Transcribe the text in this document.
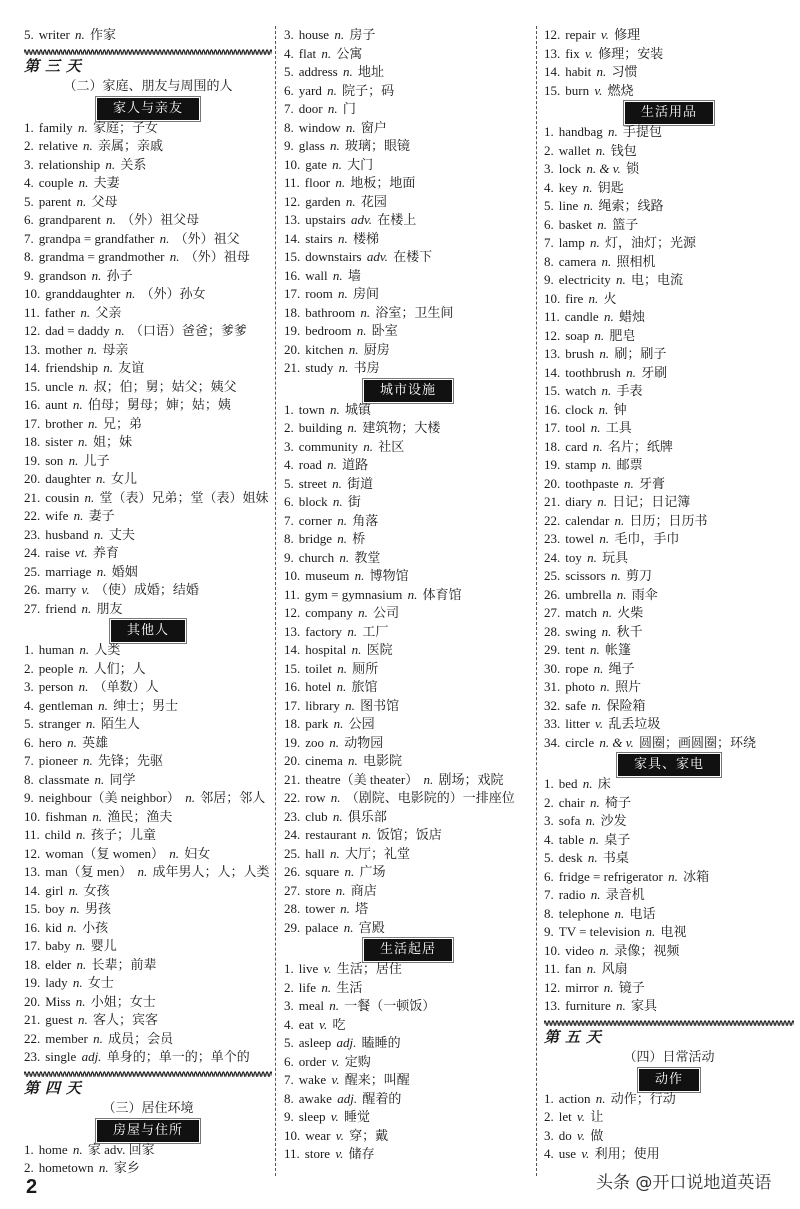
5. writer n. 作家
第三天
（二）家庭、朋友与周围的人
家人与亲友
1. family n. 家庭；子女
2. relative n. 亲属；亲戚
3. relationship n. 关系
4. couple n. 夫妻
5. parent n. 父母
6. grandparent n. （外）祖父母
7. grandpa = grandfather n. （外）祖父
8. grandma = grandmother n. （外）祖母
9. grandson n. 孙子
10. granddaughter n. （外）孙女
11. father n. 父亲
12. dad = daddy n. （口语）爸爸；爹爹
13. mother n. 母亲
14. friendship n. 友谊
15. uncle n. 叔；伯；舅；姑父；姨父
16. aunt n. 伯母；舅母；婶；姑；姨
17. brother n. 兄；弟
18. sister n. 姐；妹
19. son n. 儿子
20. daughter n. 女儿
21. cousin n. 堂（表）兄弟；堂（表）姐妹
22. wife n. 妻子
23. husband n. 丈夫
24. raise vt. 养育
25. marriage n. 婚姻
26. marry v. （使）成婚；结婚
27. friend n. 朋友
其他人
1. human n. 人类
2. people n. 人们；人
3. person n. （单数）人
4. gentleman n. 绅士；男士
5. stranger n. 陌生人
6. hero n. 英雄
7. pioneer n. 先锋；先驱
8. classmate n. 同学
9. neighbour（美 neighbor） n. 邻居；邻人
10. fishman n. 渔民；渔夫
11. child n. 孩子；儿童
12. woman（复 women） n. 妇女
13. man（复 men） n. 成年男人；人；人类
14. girl n. 女孩
15. boy n. 男孩
16. kid n. 小孩
17. baby n. 婴儿
18. elder n. 长辈；前辈
19. lady n. 女士
20. Miss n. 小姐；女士
21. guest n. 客人；宾客
22. member n. 成员；会员
23. single adj. 单身的；单一的；单个的
第四天
（三）居住环境
房屋与住所
1. home n. 家 adv. 回家
2. hometown n. 家乡
3. house n. 房子
4. flat n. 公寓
5. address n. 地址
6. yard n. 院子；码
7. door n. 门
8. window n. 窗户
9. glass n. 玻璃；眼镜
10. gate n. 大门
11. floor n. 地板；地面
12. garden n. 花园
13. upstairs adv. 在楼上
14. stairs n. 楼梯
15. downstairs adv. 在楼下
16. wall n. 墙
17. room n. 房间
18. bathroom n. 浴室；卫生间
19. bedroom n. 卧室
20. kitchen n. 厨房
21. study n. 书房
城市设施
1. town n. 城镇
2. building n. 建筑物；大楼
3. community n. 社区
4. road n. 道路
5. street n. 街道
6. block n. 街
7. corner n. 角落
8. bridge n. 桥
9. church n. 教堂
10. museum n. 博物馆
11. gym = gymnasium n. 体育馆
12. company n. 公司
13. factory n. 工厂
14. hospital n. 医院
15. toilet n. 厕所
16. hotel n. 旅馆
17. library n. 图书馆
18. park n. 公园
19. zoo n. 动物园
20. cinema n. 电影院
21. theatre（美 theater） n. 剧场；戏院
22. row n. （剧院、电影院的）一排座位
23. club n. 俱乐部
24. restaurant n. 饭馆；饭店
25. hall n. 大厅；礼堂
26. square n. 广场
27. store n. 商店
28. tower n. 塔
29. palace n. 宫殿
生活起居
1. live v. 生活；居住
2. life n. 生活
3. meal n. 一餐（一顿饭）
4. eat v. 吃
5. asleep adj. 瞌睡的
6. order v. 定购
7. wake v. 醒来；叫醒
8. awake adj. 醒着的
9. sleep v. 睡觉
10. wear v. 穿；戴
11. store v. 储存
12. repair v. 修理
13. fix v. 修理；安装
14. habit n. 习惯
15. burn v. 燃烧
生活用品
1. handbag n. 手提包
2. wallet n. 钱包
3. lock n. & v. 锁
4. key n. 钥匙
5. line n. 绳索；线路
6. basket n. 篮子
7. lamp n. 灯，油灯；光源
8. camera n. 照相机
9. electricity n. 电；电流
10. fire n. 火
11. candle n. 蜡烛
12. soap n. 肥皂
13. brush n. 刷；刷子
14. toothbrush n. 牙刷
15. watch n. 手表
16. clock n. 钟
17. tool n. 工具
18. card n. 名片；纸牌
19. stamp n. 邮票
20. toothpaste n. 牙膏
21. diary n. 日记；日记簿
22. calendar n. 日历；日历书
23. towel n. 毛巾，手巾
24. toy n. 玩具
25. scissors n. 剪刀
26. umbrella n. 雨伞
27. match n. 火柴
28. swing n. 秋千
29. tent n. 帐篷
30. rope n. 绳子
31. photo n. 照片
32. safe n. 保险箱
33. litter v. 乱丢垃圾
34. circle n. & v. 圆圈；画圆圈；环绕
家具、家电
1. bed n. 床
2. chair n. 椅子
3. sofa n. 沙发
4. table n. 桌子
5. desk n. 书桌
6. fridge = refrigerator n. 冰箱
7. radio n. 录音机
8. telephone n. 电话
9. TV = television n. 电视
10. video n. 录像；视频
11. fan n. 风扇
12. mirror n. 镜子
13. furniture n. 家具
第五天
（四）日常活动
动作
1. action n. 动作；行动
2. let v. 让
3. do v. 做
4. use v. 利用；使用
2	头条 @开口说地道英语
